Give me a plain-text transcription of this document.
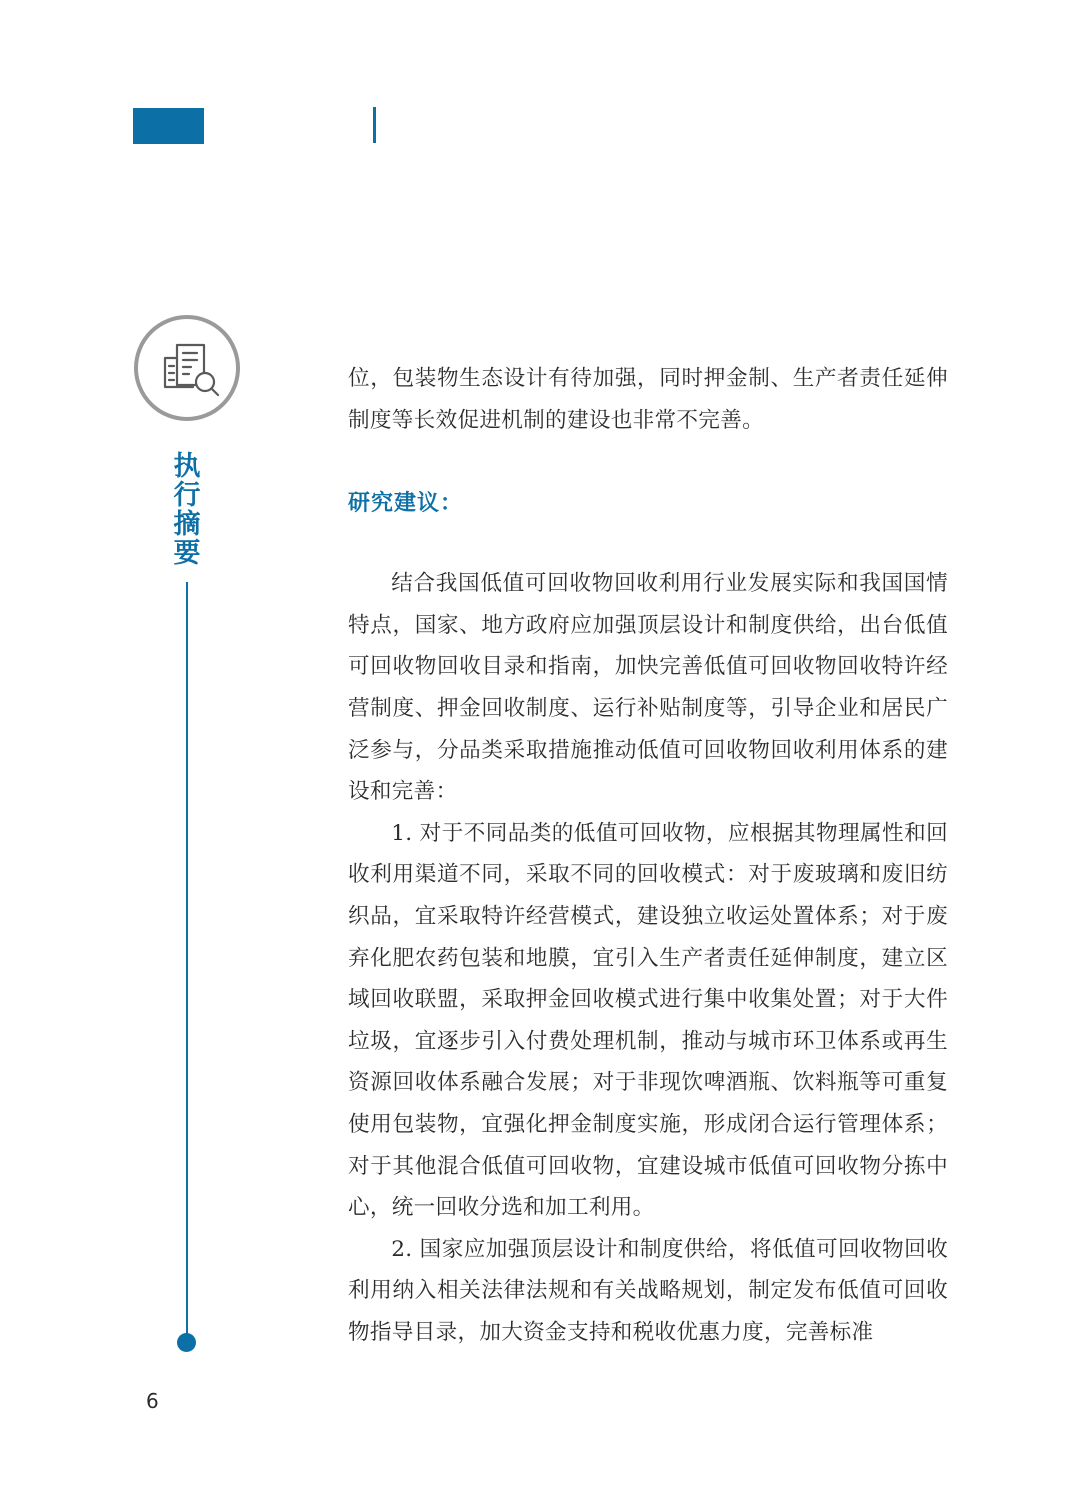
执行摘要
6

位，包装物生态设计有待加强，同时押金制、生产者责任延伸制度等长效促进机制的建设也非常不完善。

研究建议：

结合我国低值可回收物回收利用行业发展实际和我国国情特点，国家、地方政府应加强顶层设计和制度供给，出台低值可回收物回收目录和指南，加快完善低值可回收物回收特许经营制度、押金回收制度、运行补贴制度等，引导企业和居民广泛参与，分品类采取措施推动低值可回收物回收利用体系的建设和完善：

1. 对于不同品类的低值可回收物，应根据其物理属性和回收利用渠道不同，采取不同的回收模式：对于废玻璃和废旧纺织品，宜采取特许经营模式，建设独立收运处置体系；对于废弃化肥农药包装和地膜，宜引入生产者责任延伸制度，建立区域回收联盟，采取押金回收模式进行集中收集处置；对于大件垃圾，宜逐步引入付费处理机制，推动与城市环卫体系或再生资源回收体系融合发展；对于非现饮啤酒瓶、饮料瓶等可重复使用包装物，宜强化押金制度实施，形成闭合运行管理体系；对于其他混合低值可回收物，宜建设城市低值可回收物分拣中心，统一回收分选和加工利用。

2. 国家应加强顶层设计和制度供给，将低值可回收物回收利用纳入相关法律法规和有关战略规划，制定发布低值可回收物指导目录，加大资金支持和税收优惠力度，完善标准
